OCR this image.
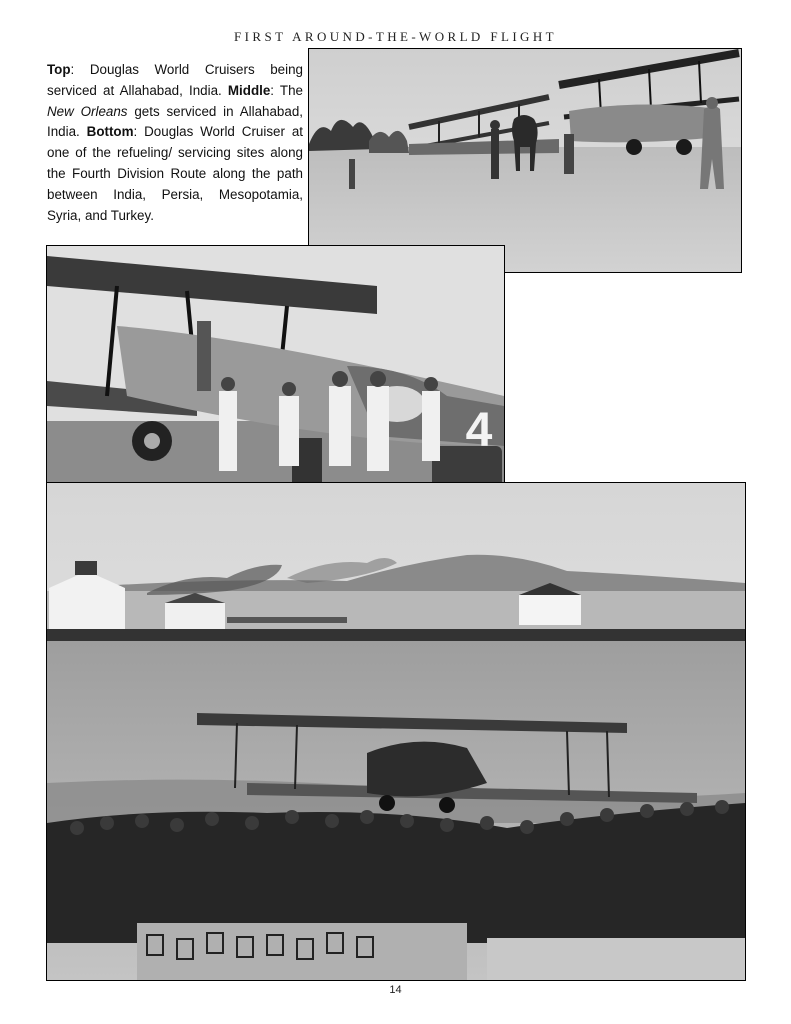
FIRST AROUND-THE-WORLD FLIGHT
Top: Douglas World Cruisers being serviced at Allahabad, India. Middle: The New Orleans gets serviced in Allahabad, India. Bottom: Douglas World Cruiser at one of the refueling/ servicing sites along the Fourth Division Route along the path between India, Persia, Mesopotamia, Syria, and Turkey.
4
14
